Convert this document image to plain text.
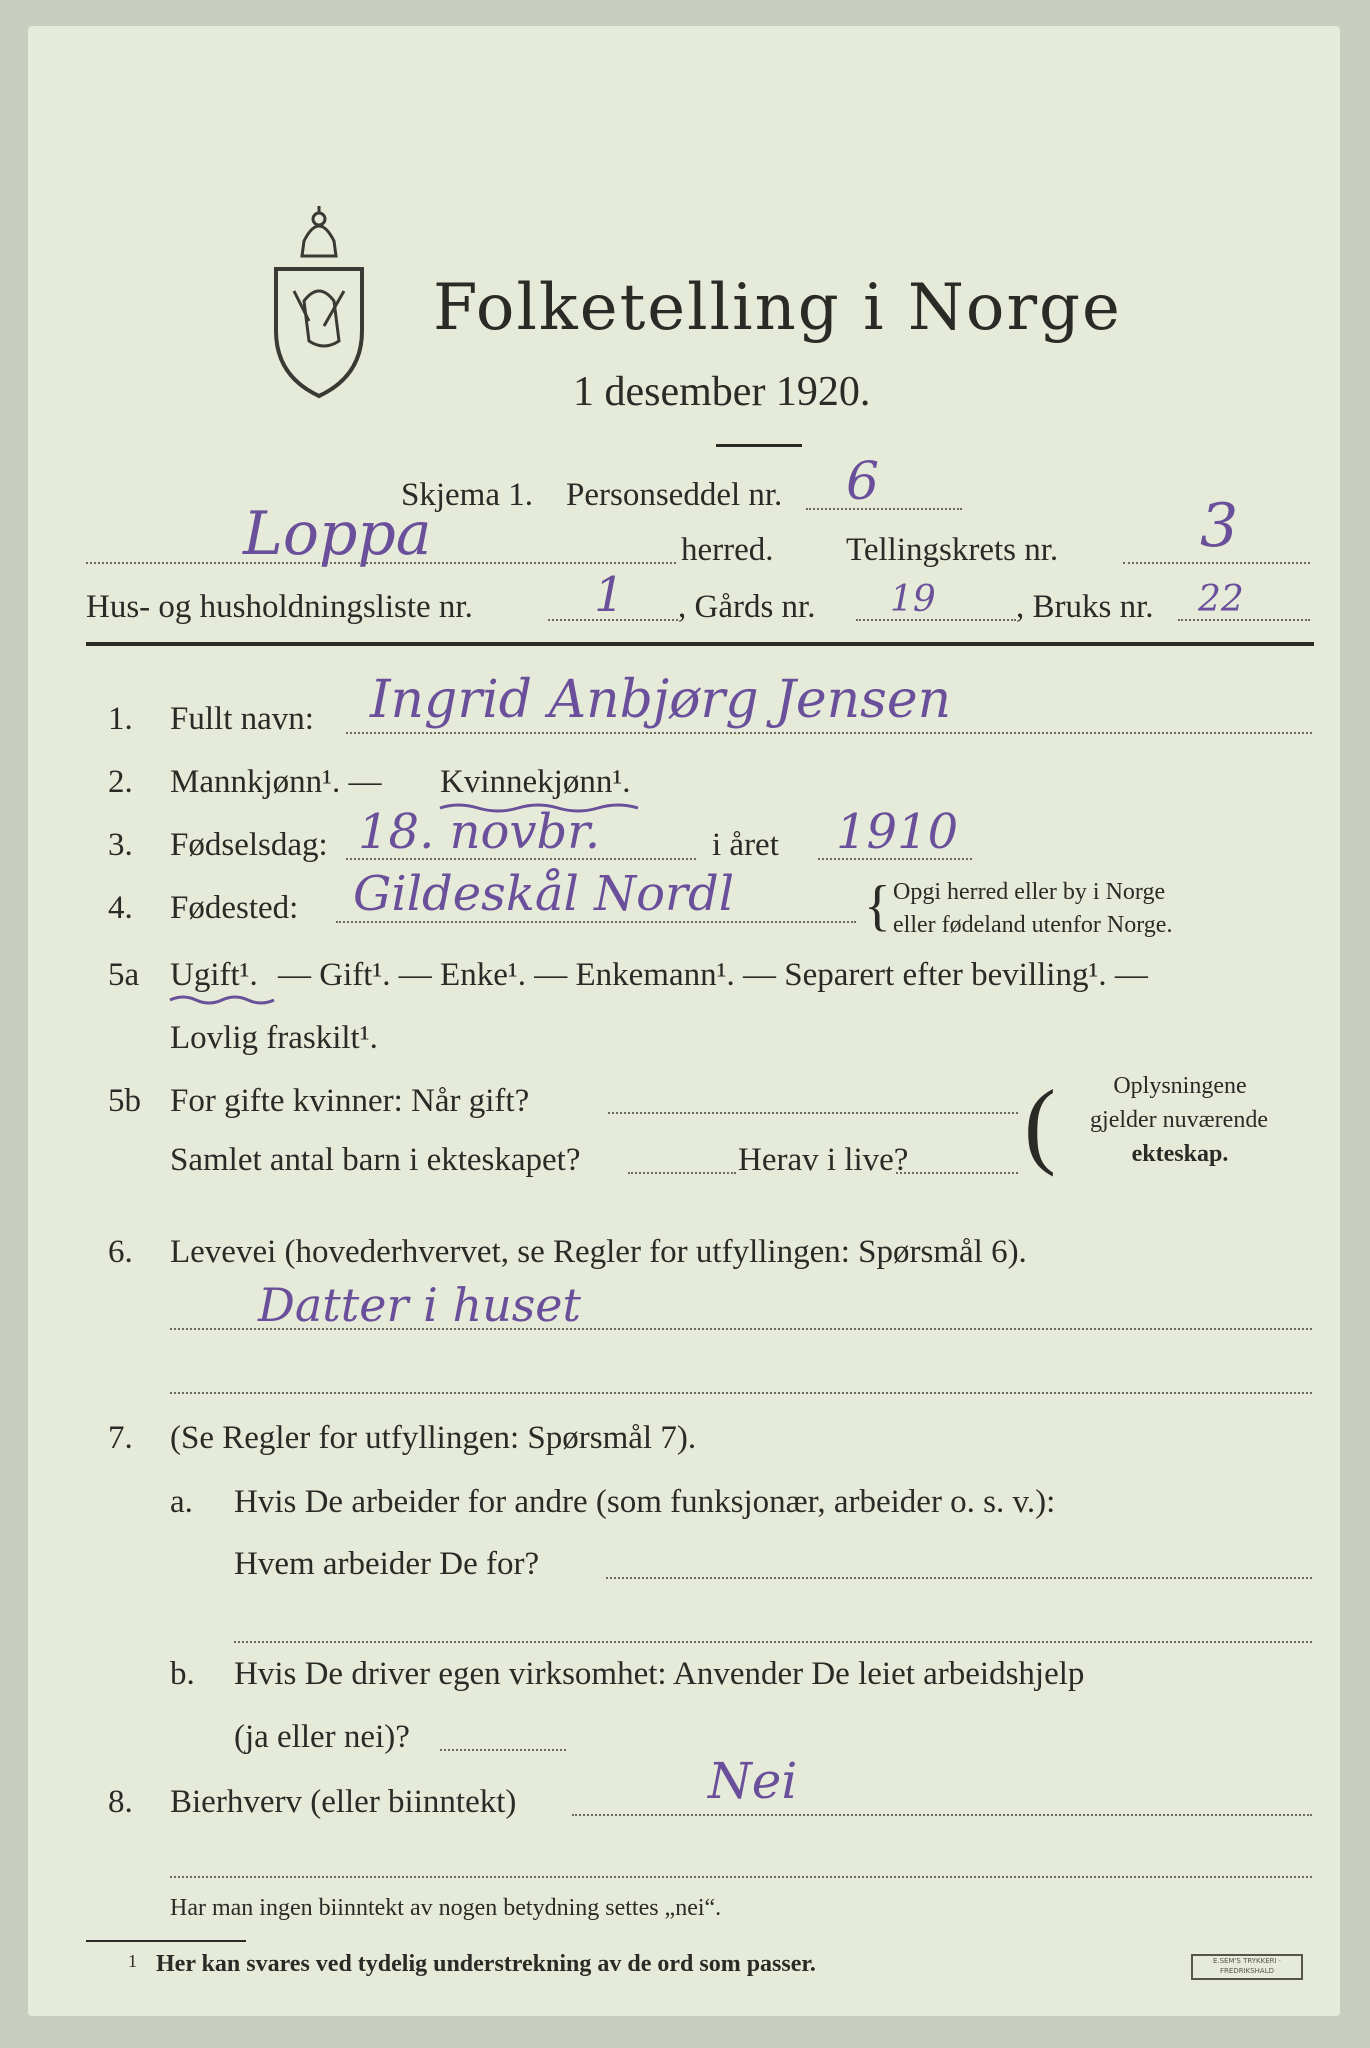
Folketelling i Norge
1 desember 1920.
Skjema 1. Personseddel nr. 6
Loppa	herred. Tellingskrets nr. 3
Hus- og husholdningsliste nr.	1 , Gårds nr. 19 , Bruks nr. 22
1. Fullt navn: Ingrid Anbjørg Jensen
2. Mannkjønn¹. — Kvinnekjønn¹.
3. Fødselsdag: 18. novbr.	i året 1910
4. Fødested: Gildeskål Nordl { Opgi herred eller by i Norge
eller fødeland utenfor Norge.
5a Ugift¹. — Gift¹. — Enke¹. — Enkemann¹. — Separert efter bevilling¹. —
Lovlig fraskilt¹.
5b For gifte kvinner: Når gift?
Samlet antal barn i ekteskapet?	Herav i live? (	Oplysningene
gjelder nuværende
ekteskap.
6. Levevei (hovederhvervet, se Regler for utfyllingen: Spørsmål 6).
Datter i huset
7. (Se Regler for utfyllingen: Spørsmål 7).
a. Hvis De arbeider for andre (som funksjonær, arbeider o. s. v.):
Hvem arbeider De for?
b. Hvis De driver egen virksomhet: Anvender De leiet arbeidshjelp
(ja eller nei)?
8. Bierhverv (eller biinntekt)	Nei
Har man ingen biinntekt av nogen betydning settes „nei“.
1 Her kan svares ved tydelig understrekning av de ord som passer.	E.SEM'S TRYKKERI · FREDRIKSHALD
